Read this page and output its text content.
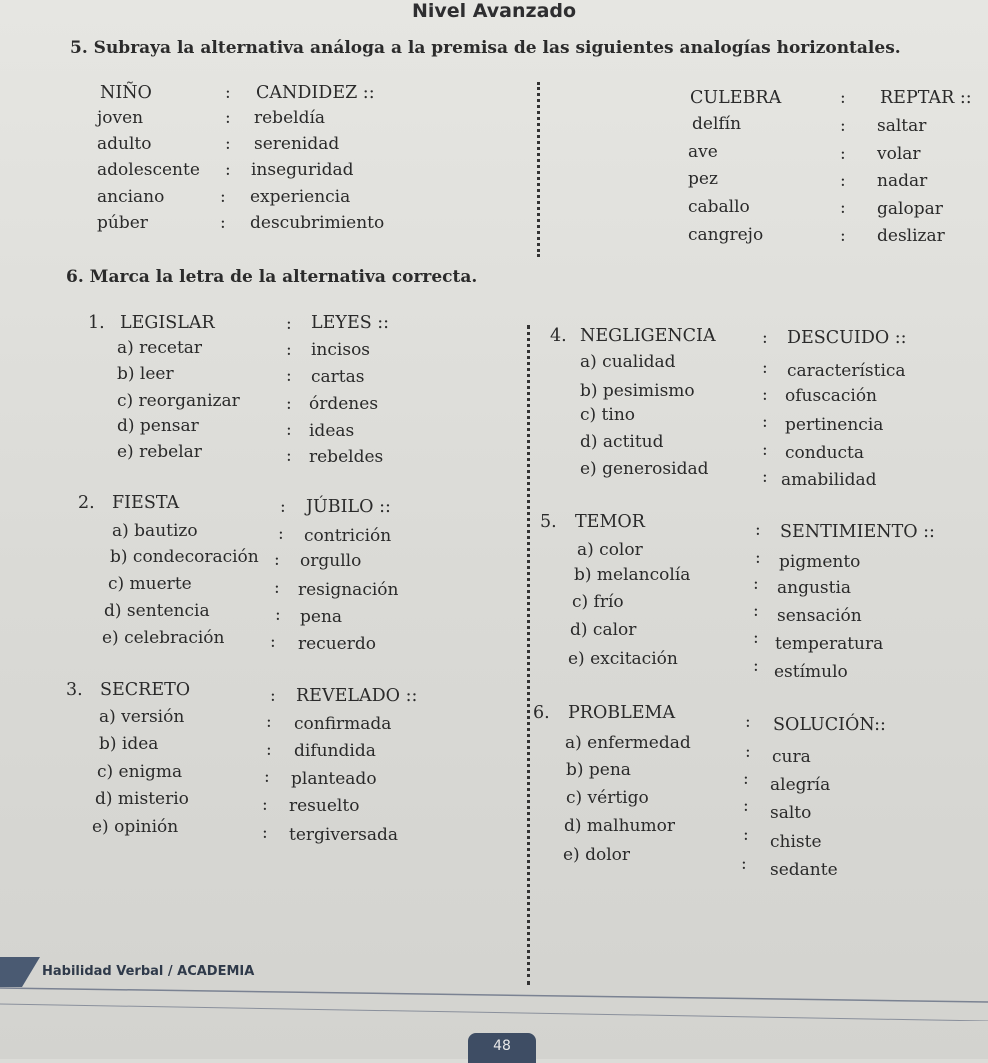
Nivel Avanzado
5. Subraya la alternativa análoga a la premisa de las siguientes analogías horizontales.
NIÑO	: CANDIDEZ ::
joven	: rebeldía
adulto	: serenidad
adolescente : inseguridad
anciano	: experiencia
púber	: descubrimiento
CULEBRA	: REPTAR ::
delfín	: saltar
ave	: volar
pez	: nadar
caballo	: galopar
cangrejo	: deslizar
6. Marca la letra de la alternativa correcta.
1. LEGISLAR	: LEYES ::
a) recetar	: incisos
b) leer	: cartas
c) reorganizar	: órdenes
d) pensar	: ideas
e) rebelar	: rebeldes
2. FIESTA	: JÚBILO ::
a) bautizo	: contrición
b) condecoración : orgullo
c) muerte	: resignación
d) sentencia	: pena
e) celebración	: recuerdo
3. SECRETO	: REVELADO ::
a) versión	: confirmada
b) idea	: difundida
c) enigma	: planteado
d) misterio	: resuelto
e) opinión	: tergiversada
4. NEGLIGENCIA	: DESCUIDO ::
a) cualidad	: característica
b) pesimismo	: ofuscación
c) tino	: pertinencia
d) actitud	: conducta
e) generosidad	: amabilidad
5. TEMOR	: SENTIMIENTO ::
a) color	: pigmento
b) melancolía	: angustia
c) frío	: sensación
d) calor	: temperatura
e) excitación	: estímulo
6. PROBLEMA	: SOLUCIÓN::
a) enfermedad	: cura
b) pena	: alegría
c) vértigo	: salto
d) malhumor	: chiste
e) dolor	: sedante
Habilidad Verbal / ACADEMIA
48
